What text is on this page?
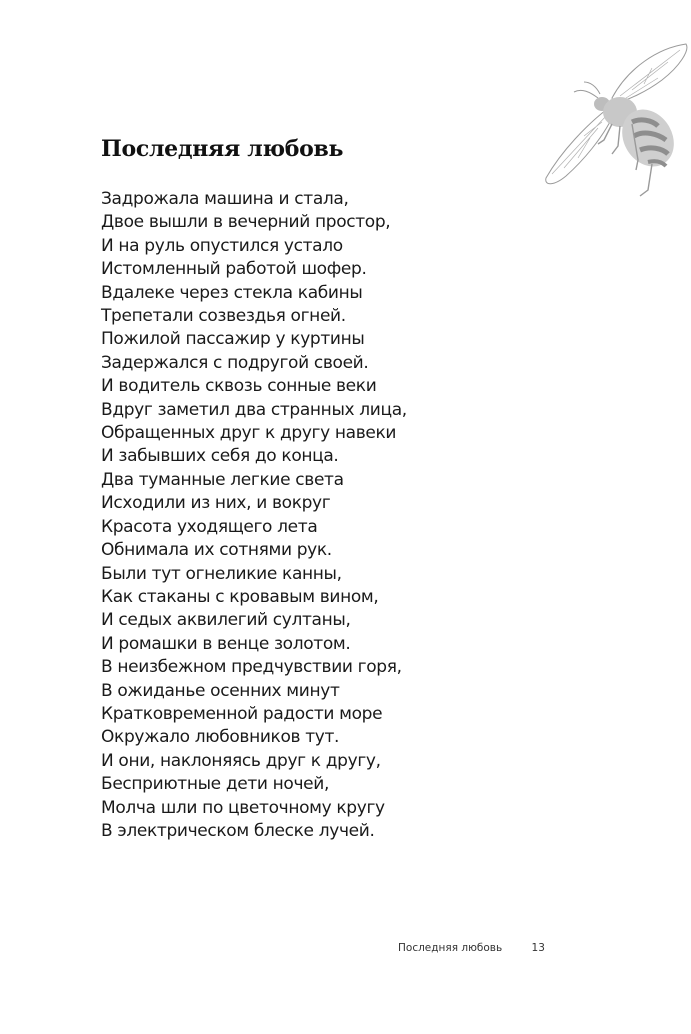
Последняя любовь
Задрожала машина и стала,
Двое вышли в вечерний простор,
И на руль опустился устало
Истомленный работой шофер.
Вдалеке через стекла кабины
Трепетали созвездья огней.
Пожилой пассажир у куртины
Задержался с подругой своей.
И водитель сквозь сонные веки
Вдруг заметил два странных лица,
Обращенных друг к другу навеки
И забывших себя до конца.
Два туманные легкие света
Исходили из них, и вокруг
Красота уходящего лета
Обнимала их сотнями рук.
Были тут огнеликие канны,
Как стаканы с кровавым вином,
И седых аквилегий султаны,
И ромашки в венце золотом.
В неизбежном предчувствии горя,
В ожиданье осенних минут
Кратковременной радости море
Окружало любовников тут.
И они, наклоняясь друг к другу,
Бесприютные дети ночей,
Молча шли по цветочному кругу
В электрическом блеске лучей.
Последняя любовь	13
